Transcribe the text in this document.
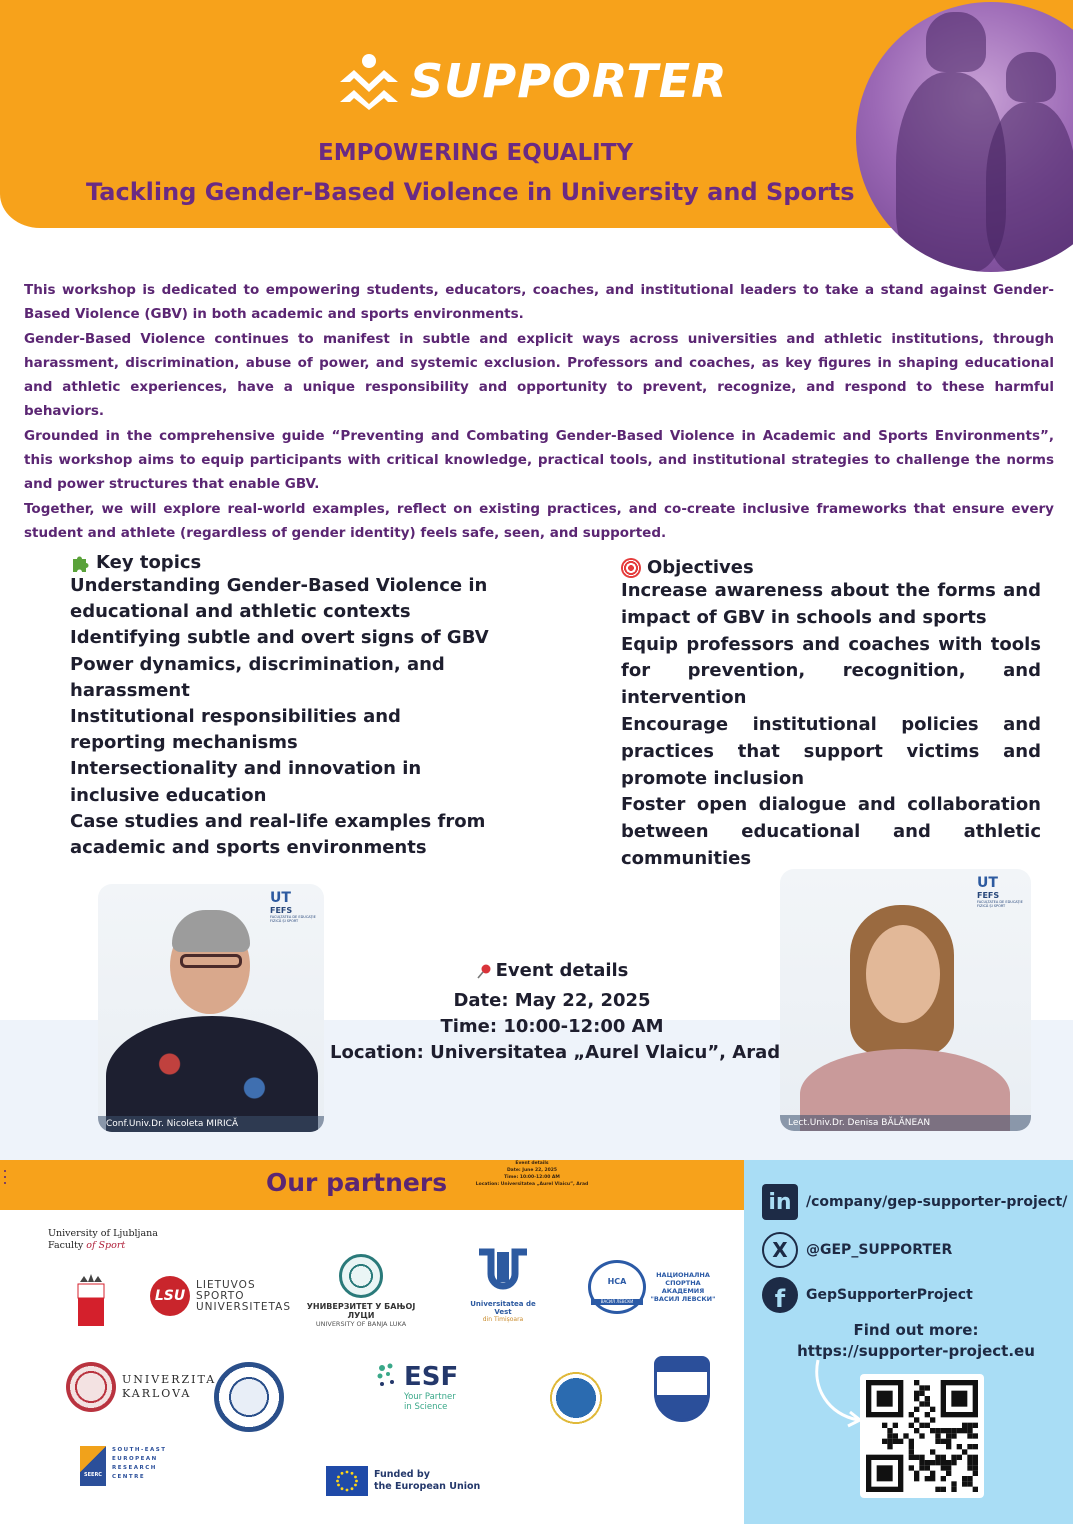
SUPPORTER
EMPOWERING EQUALITY
Tackling Gender-Based Violence in University and Sports

This workshop is dedicated to empowering students, educators, coaches, and institutional leaders to take a stand against Gender-Based Violence (GBV) in both academic and sports environments.

Gender-Based Violence continues to manifest in subtle and explicit ways across universities and athletic institutions, through harassment, discrimination, abuse of power, and systemic exclusion. Professors and coaches, as key figures in shaping educational and athletic experiences, have a unique responsibility and opportunity to prevent, recognize, and respond to these harmful behaviors.

Grounded in the comprehensive guide “Preventing and Combating Gender-Based Violence in Academic and Sports Environments”, this workshop aims to equip participants with critical knowledge, practical tools, and institutional strategies to challenge the norms and power structures that enable GBV.

Together, we will explore real-world examples, reflect on existing practices, and co-create inclusive frameworks that ensure every student and athlete (regardless of gender identity) feels safe, seen, and supported.

Key topics
Understanding Gender-Based Violence in educational and athletic contexts
Identifying subtle and overt signs of GBV
Power dynamics, discrimination, and harassment
Institutional responsibilities and reporting mechanisms
Intersectionality and innovation in inclusive education
Case studies and real-life examples from academic and sports environments
Objectives
Increase awareness about the forms and impact of GBV in schools and sports
Equip professors and coaches with tools for prevention, recognition, and intervention
Encourage institutional policies and practices that support victims and promote inclusion
Foster open dialogue and collaboration between educational and athletic communities
UT
FEFS
FACULTATEA DE EDUCAȚIE FIZICĂ ȘI SPORT
Conf.Univ.Dr. Nicoleta MIRICĂ
UT
FEFS
FACULTATEA DE EDUCAȚIE FIZICĂ ȘI SPORT
Lect.Univ.Dr. Denisa BĂLĂNEAN
Event details
Date: May 22, 2025
Time: 10:00-12:00 AM
Location: Universitatea „Aurel Vlaicu”, Arad
Our partners
Event details
Date: June 22, 2025
Time: 10:00-12:00 AM
Location: Universitatea „Aurel Vlaicu”, Arad
University of Ljubljana
Faculty of Sport
LSU
LIETUVOS
SPORTO
UNIVERSITETAS	УНИВЕРЗИТЕТ У БАЊОЈ ЛУЦИ
UNIVERSITY OF BANJA LUKA
Universitatea de Vest
din Timișoara
НСА
ВАСИЛ ЛЕВСКИ
НАЦИОНАЛНА СПОРТНА АКАДЕМИЯ "ВАСИЛ ЛЕВСКИ"
UNIVERZITA
KARLOVA
ESF
Your Partner
in Science
SEERC
SOUTH-EAST
EUROPEAN
RESEARCH
CENTRE	Funded by
the European Union
in	/company/gep-supporter-project/
X	@GEP_SUPPORTER
f	GepSupporterProject
Find out more:
https://supporter-project.eu
